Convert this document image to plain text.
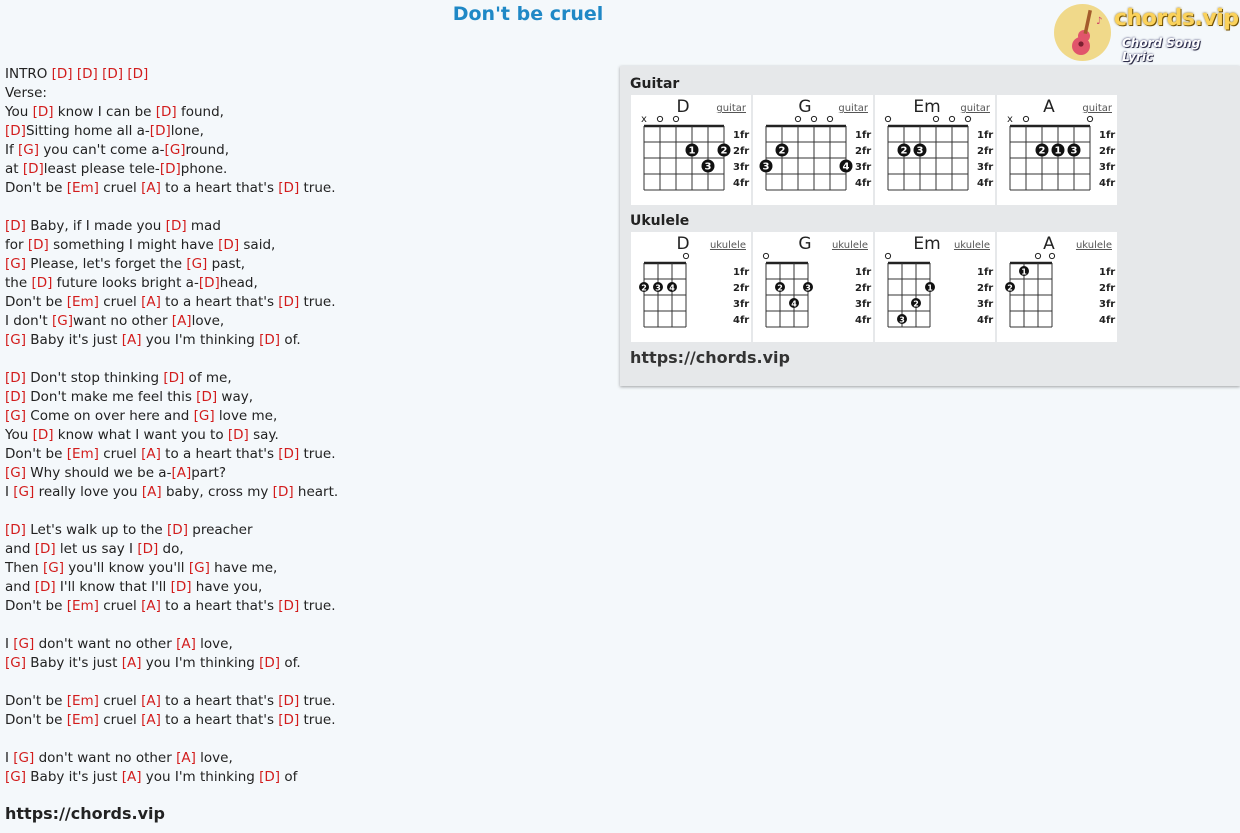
Don't be cruel	♪ chords.vip
Chord Song Lyric
INTRO [D] [D] [D] [D]
Verse:
You [D] know I can be [D] found,
[D]Sitting home all a-[D]lone,
If [G] you can't come a-[G]round,
at [D]least please tele-[D]phone.
Don't be [Em] cruel [A] to a heart that's [D] true.
[D] Baby, if I made you [D] mad
for [D] something I might have [D] said,
[G] Please, let's forget the [G] past,
the [D] future looks bright a-[D]head,
Don't be [Em] cruel [A] to a heart that's [D] true.
I don't [G]want no other [A]love,
[G] Baby it's just [A] you I'm thinking [D] of.
[D] Don't stop thinking [D] of me,
[D] Don't make me feel this [D] way,
[G] Come on over here and [G] love me,
You [D] know what I want you to [D] say.
Don't be [Em] cruel [A] to a heart that's [D] true.
[G] Why should we be a-[A]part?
I [G] really love you [A] baby, cross my [D] heart.
[D] Let's walk up to the [D] preacher
and [D] let us say I [D] do,
Then [G] you'll know you'll [G] have me,
and [D] I'll know that I'll [D] have you,
Don't be [Em] cruel [A] to a heart that's [D] true.
I [G] don't want no other [A] love,
[G] Baby it's just [A] you I'm thinking [D] of.
Don't be [Em] cruel [A] to a heart that's [D] true.
Don't be [Em] cruel [A] to a heart that's [D] true.
I [G] don't want no other [A] love,
[G] Baby it's just [A] you I'm thinking [D] of
https://chords.vip
Guitar
D	guitar
1fr
2fr
3fr
4fr
x
1	2
3
G	guitar
1fr
2fr
3fr
4fr
2
3	4
Em guitar
1fr
2fr
3fr
4fr
2 3
A	guitar
1fr
2fr
3fr
4fr
x
2 1 3
Ukulele
D ukulele
1fr
2fr
3fr
4fr
2 3 4
G ukulele
1fr
2fr
3fr
4fr
2	3
4
Em ukulele
1fr
2fr
3fr
4fr
1
2
3
A ukulele
1fr
2fr
3fr
4fr
1
2
https://chords.vip
